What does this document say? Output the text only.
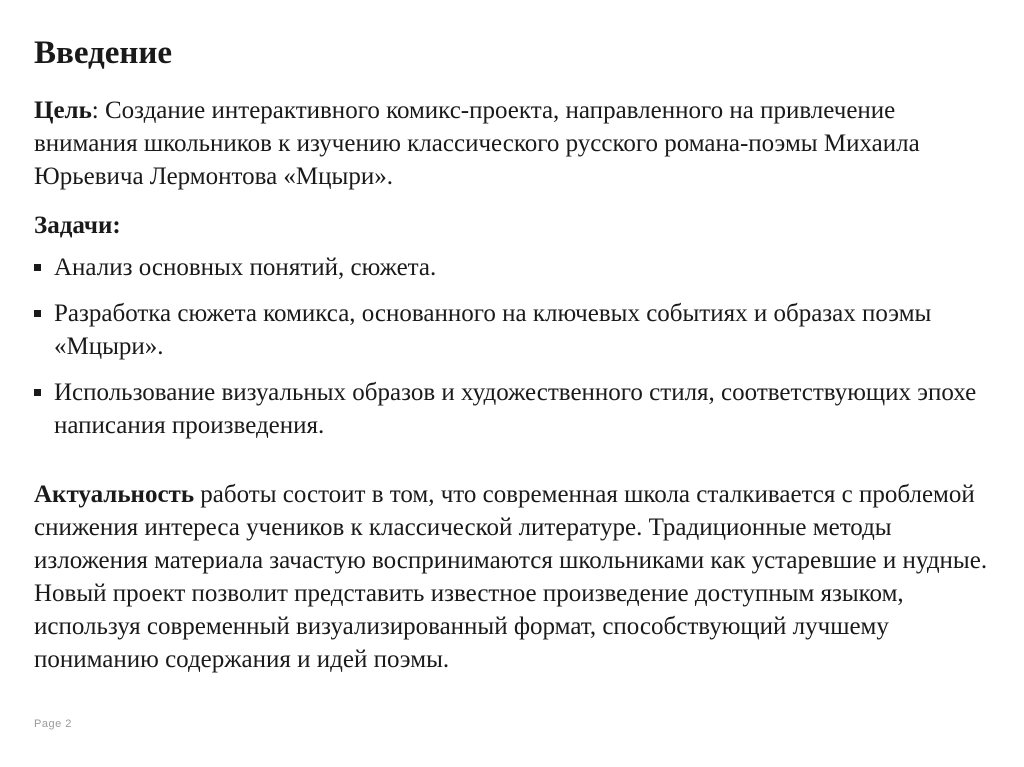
Введение

Цель: Создание интерактивного комикс-проекта, направленного на привлечение внимания школьников к изучению классического русского романа-поэмы Михаила Юрьевича Лермонтова «Мцыри».

Задачи:
Анализ основных понятий, сюжета.
Разработка сюжета комикса, основанного на ключевых событиях и образах поэмы «Мцыри».
Использование визуальных образов и художественного стиля, соответствующих эпохе написания произведения.

Актуальность работы состоит в том, что современная школа сталкивается с проблемой снижения интереса учеников к классической литературе. Традиционные методы изложения материала зачастую воспринимаются школьниками как устаревшие и нудные. Новый проект позволит представить известное произведение доступным языком, используя современный визуализированный формат, способствующий лучшему пониманию содержания и идей поэмы.

Page 2
